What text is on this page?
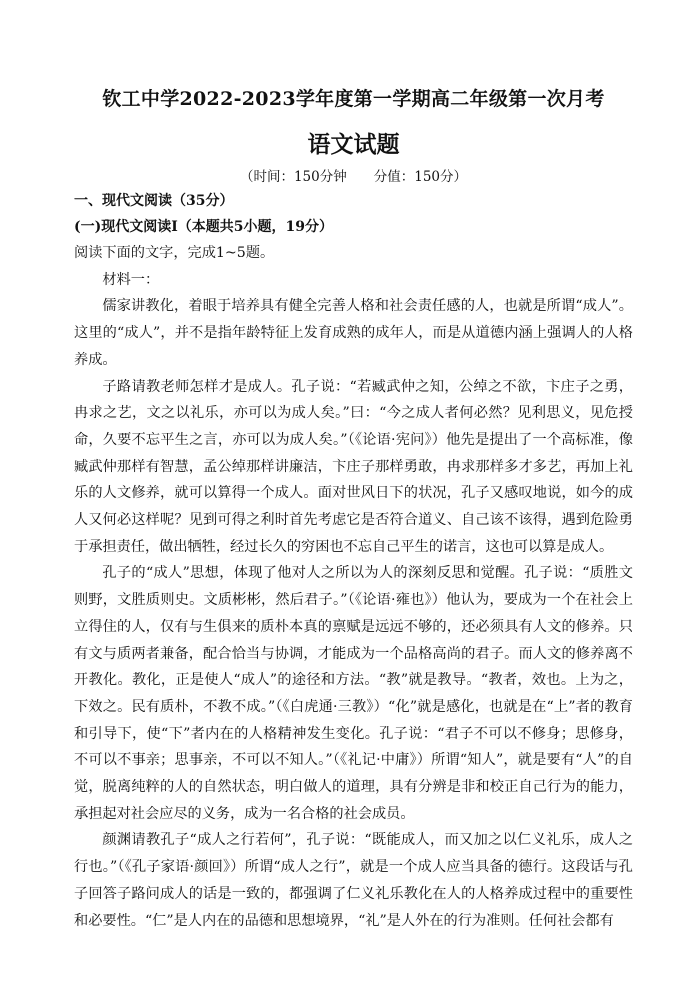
钦工中学2022-2023学年度第一学期高二年级第一次月考
语文试题

（时间：150分钟　　分值：150分）

一、现代文阅读（35分）

(一)现代文阅读Ⅰ（本题共5小题，19分）

阅读下面的文字，完成1~5题。

材料一：

儒家讲教化，着眼于培养具有健全完善人格和社会责任感的人，也就是所谓“成人”。这里的“成人”，并不是指年龄特征上发育成熟的成年人，而是从道德内涵上强调人的人格养成。

子路请教老师怎样才是成人。孔子说：“若臧武仲之知，公绰之不欲，卞庄子之勇，冉求之艺，文之以礼乐，亦可以为成人矣。”曰：“今之成人者何必然？见利思义，见危授命，久要不忘平生之言，亦可以为成人矣。”（《论语·宪问》）他先是提出了一个高标准，像臧武仲那样有智慧，孟公绰那样讲廉洁，卞庄子那样勇敢，冉求那样多才多艺，再加上礼乐的人文修养，就可以算得一个成人。面对世风日下的状况，孔子又感叹地说，如今的成人又何必这样呢？见到可得之利时首先考虑它是否符合道义、自己该不该得，遇到危险勇于承担责任，做出牺牲，经过长久的穷困也不忘自己平生的诺言，这也可以算是成人。

孔子的“成人”思想，体现了他对人之所以为人的深刻反思和觉醒。孔子说：“质胜文则野，文胜质则史。文质彬彬，然后君子。”（《论语·雍也》）他认为，要成为一个在社会上立得住的人，仅有与生俱来的质朴本真的禀赋是远远不够的，还必须具有人文的修养。只有文与质两者兼备，配合恰当与协调，才能成为一个品格高尚的君子。而人文的修养离不开教化。教化，正是使人“成人”的途径和方法。“教”就是教导。“教者，效也。上为之，下效之。民有质朴，不教不成。”（《白虎通·三教》）“化”就是感化，也就是在“上”者的教育和引导下，使“下”者内在的人格精神发生变化。孔子说：“君子不可以不修身；思修身，不可以不事亲；思事亲，不可以不知人。”（《礼记·中庸》）所谓“知人”，就是要有“人”的自觉，脱离纯粹的人的自然状态，明白做人的道理，具有分辨是非和校正自己行为的能力，承担起对社会应尽的义务，成为一名合格的社会成员。

颜渊请教孔子“成人之行若何”，孔子说：“既能成人，而又加之以仁义礼乐，成人之行也。”（《孔子家语·颜回》）所谓“成人之行”，就是一个成人应当具备的德行。这段话与孔子回答子路问成人的话是一致的，都强调了仁义礼乐教化在人的人格养成过程中的重要性和必要性。“仁”是人内在的品德和思想境界，“礼”是人外在的行为准则。任何社会都有
